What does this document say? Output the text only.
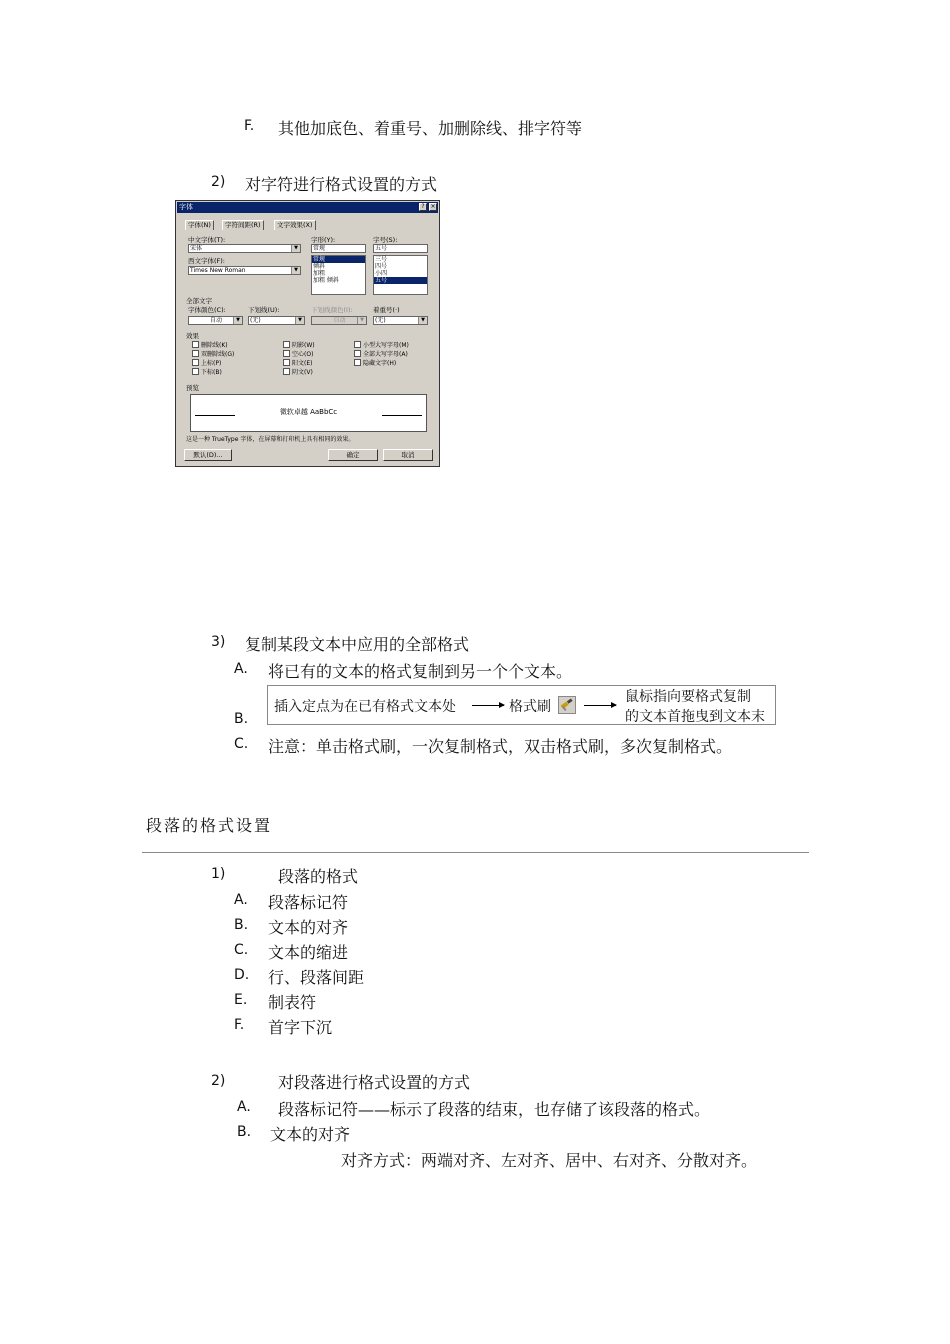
F. 其他加底色、着重号、加删除线、排字符等
2) 对字符进行格式设置的方式
字体	? ×
字体(N)	字符间距(R)	文字效果(X)
中文字体(T):
宋体	▼
西文字体(F):
Times New Roman	▼
字形(Y):
常规
常规
倾斜
加粗
加粗 倾斜
字号(S):
五号
三号
四号
小四
五号
全部文字
字体颜色(C):
自动	▼
下划线(U):
(无)	▼
下划线颜色(I):
自动	▼
着重号(·)
(无)	▼
效果
删除线(K)
双删除线(G)
上标(P)
下标(B)
阴影(W)
空心(O)
阳文(E)
阴文(V)
小型大写字母(M)
全部大写字母(A)
隐藏文字(H)
预览
微软卓越 AaBbCc
这是一种 TrueType 字体，在屏幕和打印机上具有相同的效果。
默认(D)...	确定	取消
3) 复制某段文本中应用的全部格式
A. 将已有的文本的格式复制到另一个个文本。
B.
插入定点为在已有格式文本处	格式刷
鼠标指向要格式复制
的文本首拖曳到文本末
C. 注意：单击格式刷，一次复制格式，双击格式刷，多次复制格式。
段落的格式设置
1)	段落的格式
A. 段落标记符
B. 文本的对齐
C. 文本的缩进
D. 行、段落间距
E. 制表符
F. 首字下沉
2)	对段落进行格式设置的方式
A. 段落标记符——标示了段落的结束，也存储了该段落的格式。
B. 文本的对齐
对齐方式：两端对齐、左对齐、居中、右对齐、分散对齐。
